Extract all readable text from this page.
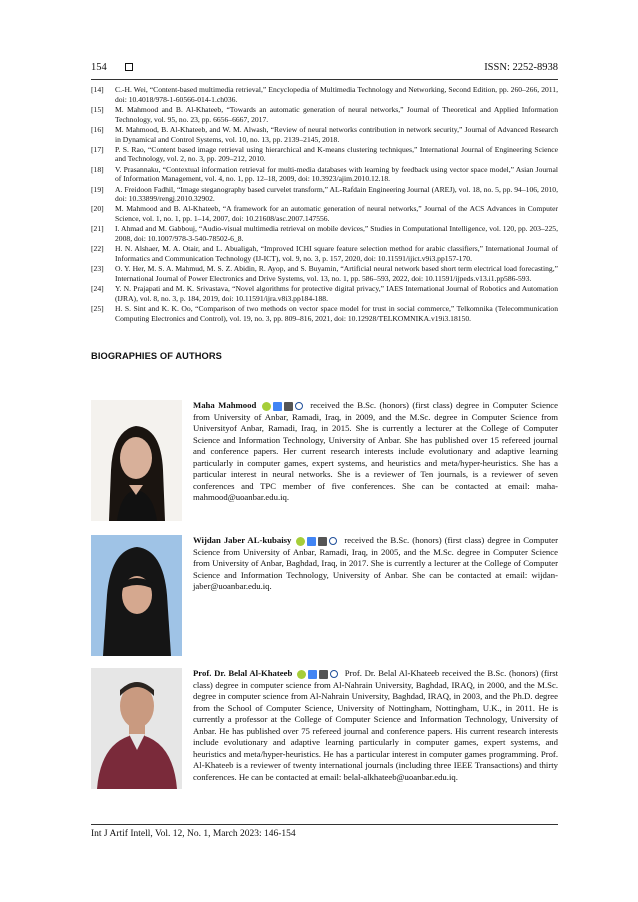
154	ISSN: 2252-8938
[14]	C.-H. Wei, “Content-based multimedia retrieval,” Encyclopedia of Multimedia Technology and Networking, Second Edition, pp. 260–266, 2011, doi: 10.4018/978-1-60566-014-1.ch036.
[15]	M. Mahmood and B. Al-Khateeb, “Towards an automatic generation of neural networks,” Journal of Theoretical and Applied Information Technology, vol. 95, no. 23, pp. 6656–6667, 2017.
[16]	M. Mahmood, B. Al-Khateeb, and W. M. Alwash, “Review of neural networks contribution in network security,” Journal of Advanced Research in Dynamical and Control Systems, vol. 10, no. 13, pp. 2139–2145, 2018.
[17]	P. S. Rao, “Content based image retrieval using hierarchical and K-means clustering techniques,” International Journal of Engineering Science and Technology, vol. 2, no. 3, pp. 209–212, 2010.
[18]	V. Prasannaku, “Contextual information retrieval for multi-media databases with learning by feedback using vector space model,” Asian Journal of Information Management, vol. 4, no. 1, pp. 12–18, 2009, doi: 10.3923/ajim.2010.12.18.
[19]	A. Freidoon Fadhil, “Image steganography based curvelet transform,” AL-Rafdain Engineering Journal (AREJ), vol. 18, no. 5, pp. 94–106, 2010, doi: 10.33899/rengj.2010.32902.
[20]	M. Mahmood and B. Al-Khateeb, “A framework for an automatic generation of neural networks,” Journal of the ACS Advances in Computer Science, vol. 1, no. 1, pp. 1–14, 2007, doi: 10.21608/asc.2007.147556.
[21]	I. Ahmad and M. Gabbouj, “Audio-visual multimedia retrieval on mobile devices,” Studies in Computational Intelligence, vol. 120, pp. 203–225, 2008, doi: 10.1007/978-3-540-78502-6_8.
[22]	H. N. Alshaer, M. A. Otair, and L. Abualigah, “Improved ICHI square feature selection method for arabic classifiers,” International Journal of Informatics and Communication Technology (IJ-ICT), vol. 9, no. 3, p. 157, 2020, doi: 10.11591/ijict.v9i3.pp157-170.
[23]	O. Y. Her, M. S. A. Mahmud, M. S. Z. Abidin, R. Ayop, and S. Buyamin, “Artificial neural network based short term electrical load forecasting,” International Journal of Power Electronics and Drive Systems, vol. 13, no. 1, pp. 586–593, 2022, doi: 10.11591/ijpeds.v13.i1.pp586-593.
[24]	Y. N. Prajapati and M. K. Srivastava, “Novel algorithms for protective digital privacy,” IAES International Journal of Robotics and Automation (IJRA), vol. 8, no. 3, p. 184, 2019, doi: 10.11591/ijra.v8i3.pp184-188.
[25]	H. S. Sint and K. K. Oo, “Comparison of two methods on vector space model for trust in social commerce,” Telkomnika (Telecommunication Computing Electronics and Control), vol. 19, no. 3, pp. 809–816, 2021, doi: 10.12928/TELKOMNIKA.v19i3.18150.
BIOGRAPHIES OF AUTHORS
Maha Mahmood	received the B.Sc. (honors) (first class) degree in Computer Science from University of Anbar, Ramadi, Iraq, in 2009, and the M.Sc. degree in Computer Science from Universityof Anbar, Ramadi, Iraq, in 2015. She is currently a lecturer at the College of Computer Science and Information Technology, University of Anbar. She has published over 15 refereed journal and conference papers. Her current research interests include evolutionary and adaptive learning particularly in computer games, expert systems, and heuristics and meta/hyper-heuristics. She has a particular interest in neural networks. She is a reviewer of Ten journals, is a reviewer of seven conferences and TPC member of five conferences. She can be contacted at email: maha-mahmood@uoanbar.edu.iq.
Wijdan Jaber AL-kubaisy	received the B.Sc. (honors) (first class) degree in Computer Science from University of Anbar, Ramadi, Iraq, in 2005, and the M.Sc. degree in Computer Science from University of Anbar, Baghdad, Iraq, in 2017. She is currently a lecturer at the College of Computer Science and Information Technology, University of Anbar. She can be contacted at email: wijdan-jaber@uoanbar.edu.iq.
Prof. Dr. Belal Al-Khateeb	Prof. Dr. Belal Al-Khateeb received the B.Sc. (honors) (first class) degree in computer science from Al-Nahrain University, Baghdad, IRAQ, in 2000, and the M.Sc. degree in computer science from Al-Nahrain University, Baghdad, IRAQ, in 2003, and the Ph.D. degree from the School of Computer Science, University of Nottingham, Nottingham, U.K., in 2011. He is currently a professor at the College of Computer Science and Information Technology, University of Anbar. He has published over 75 refereed journal and conference papers. His current research interests include evolutionary and adaptive learning particularly in computer games, expert systems, and heuristics and meta/hyper-heuristics. He has a particular interest in computer games programming. Prof. Al-Khateeb is a reviewer of twenty international journals (including three IEEE Transactions) and thirty conferences. He can be contacted at email: belal-alkhateeb@uoanbar.edu.iq.
Int J Artif Intell, Vol. 12, No. 1, March 2023: 146-154
